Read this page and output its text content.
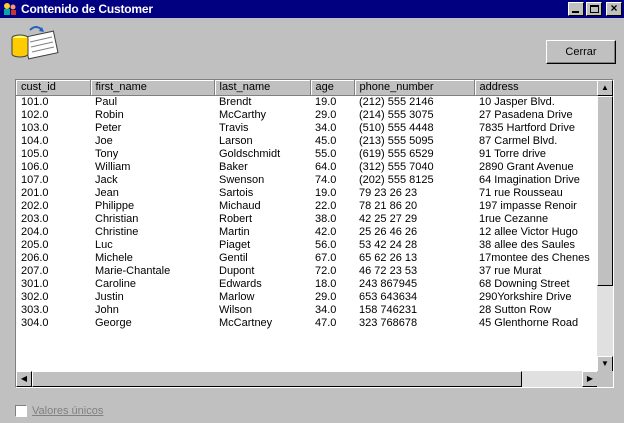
Contenido de Customer	×
Cerrar
cust_id	first_name	last_name	age	phone_number	address
101.0	Paul	Brendt	19.0	(212) 555 2146	10 Jasper Blvd.
102.0	Robin	McCarthy	29.0	(214) 555 3075	27 Pasadena Drive
103.0	Peter	Travis	34.0	(510) 555 4448	7835 Hartford Drive
104.0	Joe	Larson	45.0	(213) 555 5095	87 Carmel Blvd.
105.0	Tony	Goldschmidt	55.0	(619) 555 6529	91 Torre drive
106.0	William	Baker	64.0	(312) 555 7040	2890 Grant Avenue
107.0	Jack	Swenson	74.0	(202) 555 8125	64 Imagination Drive
201.0	Jean	Sartois	19.0	79 23 26 23	71 rue Rousseau
202.0	Philippe	Michaud	22.0	78 21 86 20	197 impasse Renoir
203.0	Christian	Robert	38.0	42 25 27 29	1rue Cezanne
204.0	Christine	Martin	42.0	25 26 46 26	12 allee Victor Hugo
205.0	Luc	Piaget	56.0	53 42 24 28	38 allee des Saules
206.0	Michele	Gentil	67.0	65 62 26 13	17montee des Chenes
207.0	Marie-Chantale	Dupont	72.0	46 72 23 53	37 rue Murat
301.0	Caroline	Edwards	18.0	243 867945	68 Downing Street
302.0	Justin	Marlow	29.0	653 643634	290Yorkshire Drive
303.0	John	Wilson	34.0	158 746231	28 Sutton Row
304.0	George	McCartney	47.0	323 768678	45 Glenthorne Road
▲
▼
◀	▶
Valores únicos
